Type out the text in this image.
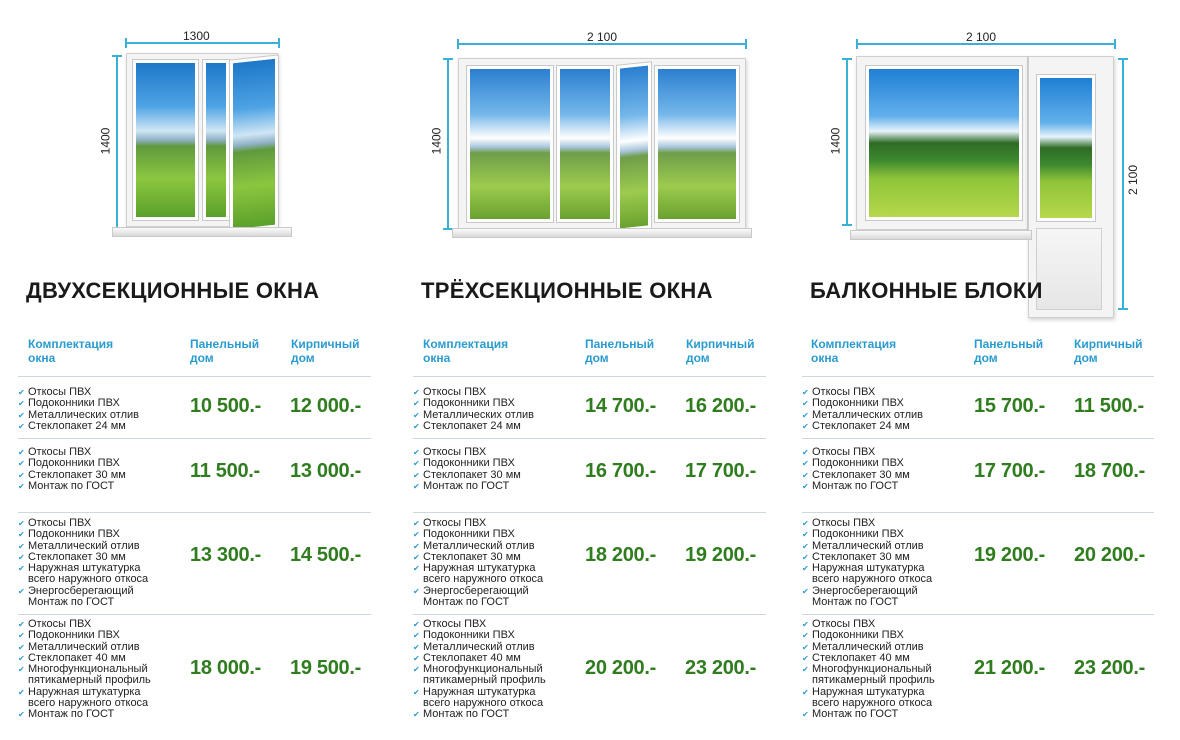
1300
1400
ДВУХСЕКЦИОННЫЕ ОКНА
Комплектация
окна
Панельный
дом
Кирпичный
дом
✔ Откосы ПВХ
✔ Подоконники ПВХ
✔ Металлических отлив
✔ Стеклопакет 24 мм
10 500.- 12 000.-
✔ Откосы ПВХ
✔ Подоконники ПВХ
✔ Стеклопакет 30 мм
✔ Монтаж по ГОСТ
11 500.- 13 000.-
✔ Откосы ПВХ
✔ Подоконники ПВХ
✔ Металлический отлив
✔ Стеклопакет 30 мм
✔ Наружная штукатурка
всего наружного откоса
✔ Энергосберегающий
Монтаж по ГОСТ
13 300.- 14 500.-
✔ Откосы ПВХ
✔ Подоконники ПВХ
✔ Металлический отлив
✔ Стеклопакет 40 мм
✔ Многофункциональный
пятикамерный профиль
✔ Наружная штукатурка
всего наружного откоса
✔ Монтаж по ГОСТ
18 000.- 19 500.-
2 100
1400
ТРЁХСЕКЦИОННЫЕ ОКНА
Комплектация
окна
Панельный
дом
Кирпичный
дом
✔ Откосы ПВХ
✔ Подоконники ПВХ
✔ Металлических отлив
✔ Стеклопакет 24 мм
14 700.- 16 200.-
✔ Откосы ПВХ
✔ Подоконники ПВХ
✔ Стеклопакет 30 мм
✔ Монтаж по ГОСТ
16 700.- 17 700.-
✔ Откосы ПВХ
✔ Подоконники ПВХ
✔ Металлический отлив
✔ Стеклопакет 30 мм
✔ Наружная штукатурка
всего наружного откоса
✔ Энергосберегающий
Монтаж по ГОСТ
18 200.- 19 200.-
✔ Откосы ПВХ
✔ Подоконники ПВХ
✔ Металлический отлив
✔ Стеклопакет 40 мм
✔ Многофункциональный
пятикамерный профиль
✔ Наружная штукатурка
всего наружного откоса
✔ Монтаж по ГОСТ
20 200.- 23 200.-
2 100
1400
2 100
БАЛКОННЫЕ БЛОКИ
Комплектация
окна
Панельный
дом
Кирпичный
дом
✔ Откосы ПВХ
✔ Подоконники ПВХ
✔ Металлических отлив
✔ Стеклопакет 24 мм
15 700.- 11 500.-
✔ Откосы ПВХ
✔ Подоконники ПВХ
✔ Стеклопакет 30 мм
✔ Монтаж по ГОСТ
17 700.- 18 700.-
✔ Откосы ПВХ
✔ Подоконники ПВХ
✔ Металлический отлив
✔ Стеклопакет 30 мм
✔ Наружная штукатурка
всего наружного откоса
✔ Энергосберегающий
Монтаж по ГОСТ
19 200.- 20 200.-
✔ Откосы ПВХ
✔ Подоконники ПВХ
✔ Металлический отлив
✔ Стеклопакет 40 мм
✔ Многофункциональный
пятикамерный профиль
✔ Наружная штукатурка
всего наружного откоса
✔ Монтаж по ГОСТ
21 200.- 23 200.-
